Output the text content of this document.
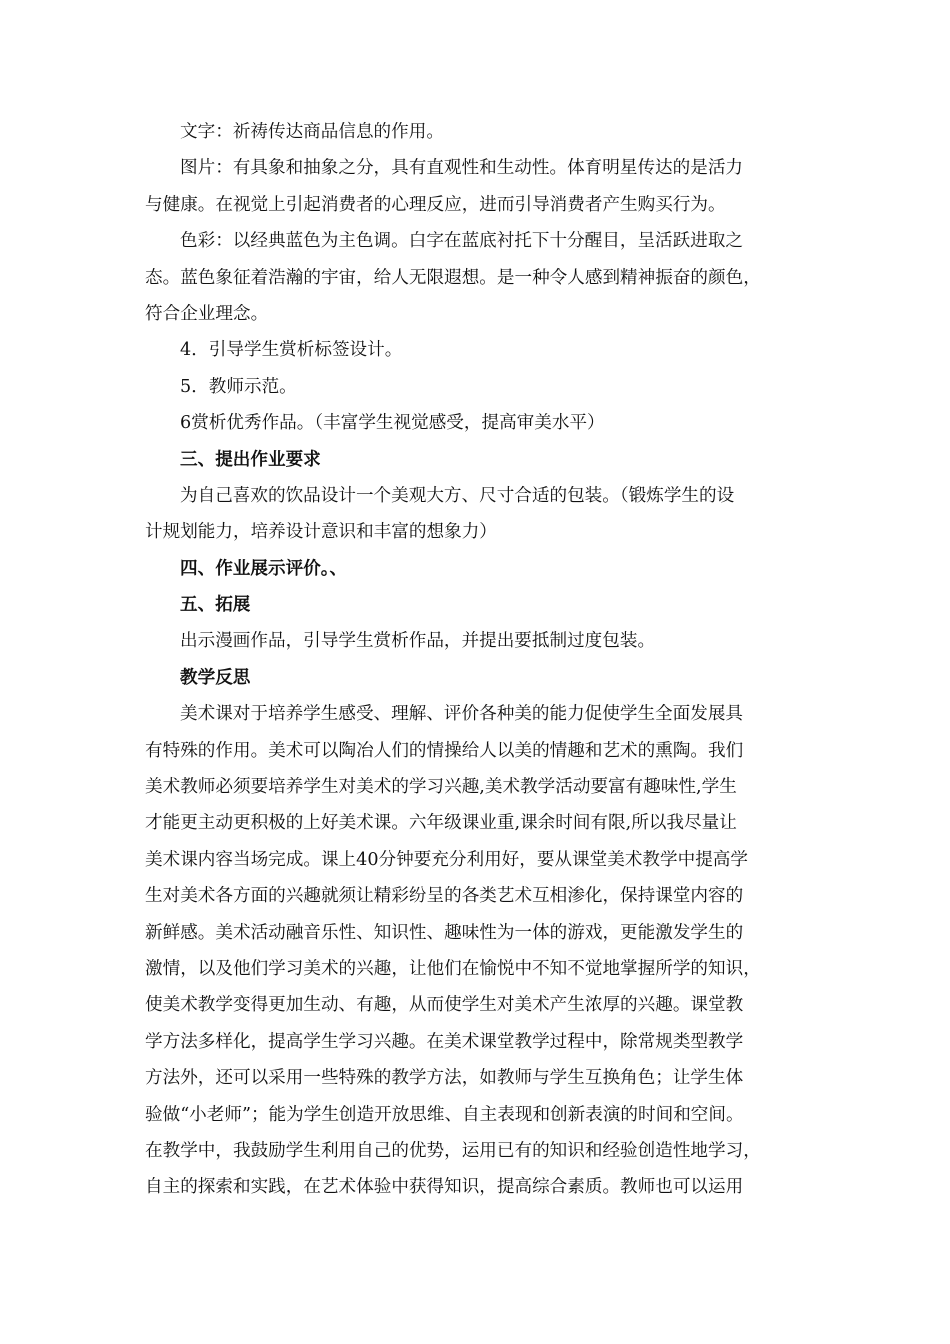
文字：祈祷传达商品信息的作用。
图片：有具象和抽象之分，具有直观性和生动性。体育明星传达的是活力
与健康。在视觉上引起消费者的心理反应，进而引导消费者产生购买行为。
色彩：以经典蓝色为主色调。白字在蓝底衬托下十分醒目，呈活跃进取之
态。蓝色象征着浩瀚的宇宙，给人无限遐想。是一种令人感到精神振奋的颜色，
符合企业理念。
4．引导学生赏析标签设计。
5．教师示范。
6赏析优秀作品。（丰富学生视觉感受，提高审美水平）
三、提出作业要求
为自己喜欢的饮品设计一个美观大方、尺寸合适的包装。（锻炼学生的设
计规划能力，培养设计意识和丰富的想象力）
四、作业展示评价。、
五、拓展
出示漫画作品，引导学生赏析作品，并提出要抵制过度包装。
教学反思
美术课对于培养学生感受、理解、评价各种美的能力促使学生全面发展具
有特殊的作用。美术可以陶冶人们的情操给人以美的情趣和艺术的熏陶。我们
美术教师必须要培养学生对美术的学习兴趣,美术教学活动要富有趣味性,学生
才能更主动更积极的上好美术课。六年级课业重,课余时间有限,所以我尽量让
美术课内容当场完成。课上40分钟要充分利用好，要从课堂美术教学中提高学
生对美术各方面的兴趣就须让精彩纷呈的各类艺术互相渗化，保持课堂内容的
新鲜感。美术活动融音乐性、知识性、趣味性为一体的游戏，更能激发学生的
激情，以及他们学习美术的兴趣，让他们在愉悦中不知不觉地掌握所学的知识，
使美术教学变得更加生动、有趣，从而使学生对美术产生浓厚的兴趣。课堂教
学方法多样化，提高学生学习兴趣。在美术课堂教学过程中，除常规类型教学
方法外，还可以采用一些特殊的教学方法，如教师与学生互换角色；让学生体
验做“小老师”；能为学生创造开放思维、自主表现和创新表演的时间和空间。
在教学中，我鼓励学生利用自己的优势，运用已有的知识和经验创造性地学习，
自主的探索和实践，在艺术体验中获得知识，提高综合素质。教师也可以运用
